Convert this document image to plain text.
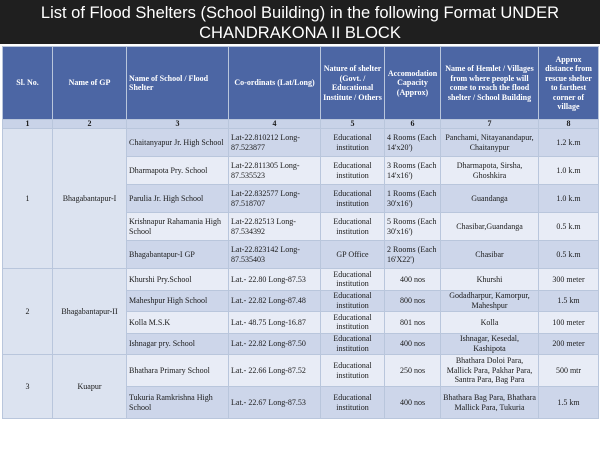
List of Flood Shelters (School Building) in the following Format UNDER
CHANDRAKONA II BLOCK
Sl. No.	Name of GP	Name of School / Flood Shelter	Co-ordinats (Lat/Long)	Nature of shelter (Govt. / Educational Institute / Others	Accomodation Capacity (Approx)	Name of Hemlet / Villages from where people will come to reach the flood shelter / School Building	Approx distance from rescue shelter to farthest corner of village
1	2	3	4	5	6	7	8
1	Bhagabantapur-I	Chaitanyapur Jr. High School	Lat-22.810212 Long- 87.523877	Educational institution	4 Rooms (Each 14'x20')	Panchami, Nitayanandapur, Chaitanypur	1.2 k.m
		Dharmapota Pry. School	Lat-22.811305 Long- 87.535523	Educational institution	3 Rooms (Each 14'x16')	Dharmapota, Sirsha, Ghoshkira	1.0 k.m
		Parulia Jr. High School	Lat-22.832577 Long- 87.518707	Educational institution	1 Rooms (Each 30'x16')	Guandanga	1.0 k.m
		Krishnapur Rahamania High School	Lat-22.82513 Long- 87.534392	Educational institution	5 Rooms (Each 30'x16')	Chasibar,Guandanga	0.5 k.m
		Bhagabantapur-I GP	Lat-22.823142 Long- 87.535403	GP Office	2 Rooms (Each 16'X22')	Chasibar	0.5 k.m
2	Bhagabantapur-II	Khurshi Pry.School	Lat.- 22.80 Long-87.53	Educational institution	400 nos	Khurshi	300 meter
		Maheshpur High School	Lat.- 22.82 Long-87.48	Educational institution	800 nos	Godadharpur, Kamorpur, Maheshpur	1.5 km
		Kolla M.S.K	Lat.- 48.75 Long-16.87	Educational institution	801 nos	Kolla	100 meter
		Ishnagar pry. School	Lat.- 22.82 Long-87.50	Educational institution	400 nos	Ishnagar, Kesedal, Kashipota	200 meter
3	Kuapur	Bhathara Primary School	Lat.- 22.66 Long-87.52	Educational institution	250 nos	Bhathara Doloi Para, Mallick Para, Pakhar Para, Santra Para, Bag Para	500 mtr
		Tukuria Ramkrishna High School	Lat.- 22.67 Long-87.53	Educational institution	400 nos	Bhathara Bag Para, Bhathara Mallick Para, Tukuria	1.5 km
